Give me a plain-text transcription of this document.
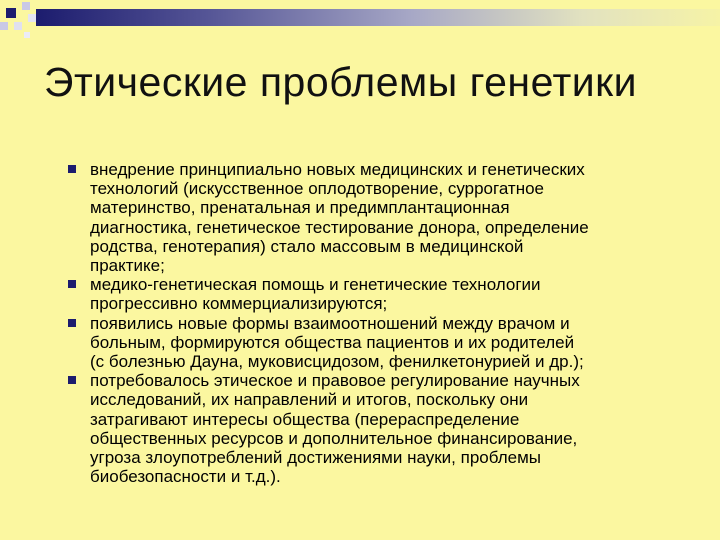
Этические проблемы генетики
внедрение принципиально новых медицинских и генетических
технологий (искусственное оплодотворение, суррогатное
материнство, пренатальная и предимплантационная
диагностика, генетическое тестирование донора, определение
родства, генотерапия) стало массовым в медицинской
практике;
медико-генетическая помощь и генетические технологии
прогрессивно коммерциализируются;
появились новые формы взаимоотношений между врачом и
больным, формируются общества пациентов и их родителей
(с болезнью Дауна, муковисцидозом, фенилкетонурией и др.);
потребовалось этическое и правовое регулирование научных
исследований, их направлений и итогов, поскольку они
затрагивают интересы общества (перераспределение
общественных ресурсов и дополнительное финансирование,
угроза злоупотреблений достижениями науки, проблемы
биобезопасности и т.д.).
